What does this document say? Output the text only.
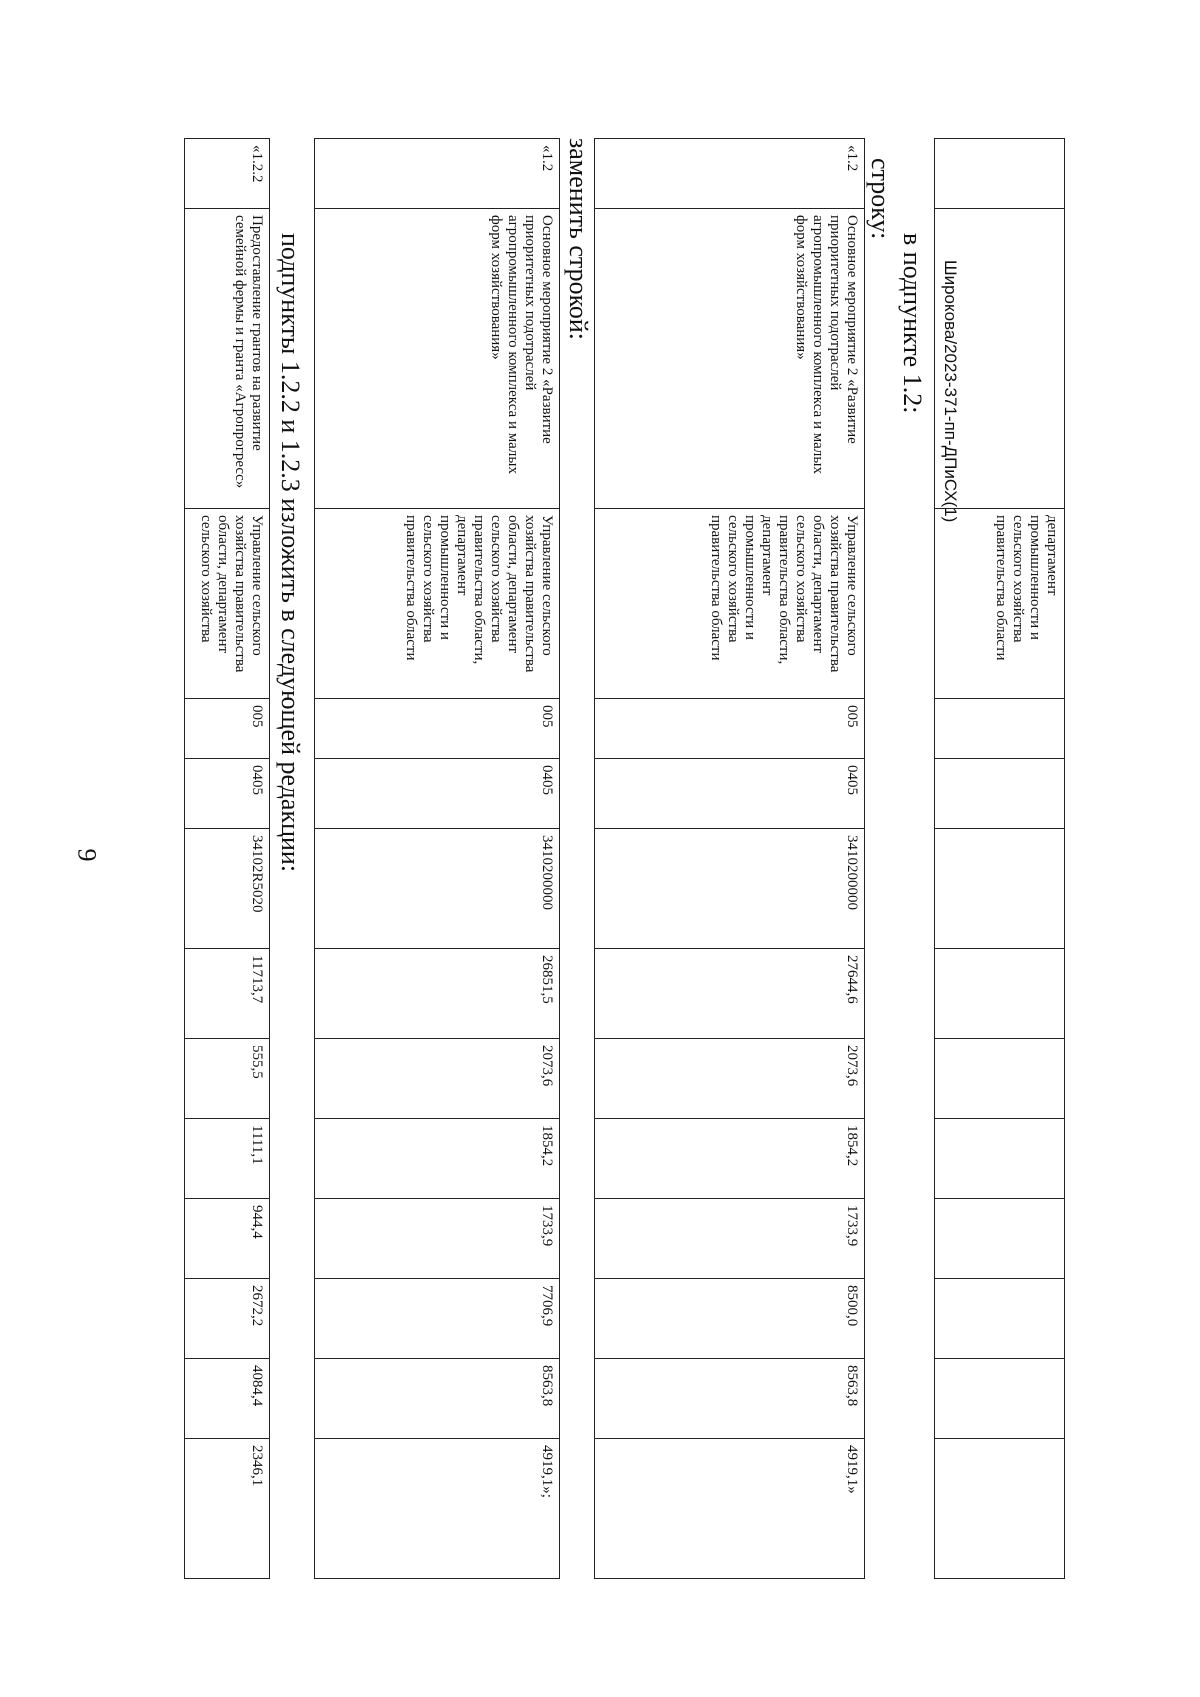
9
Широкова/2023-371-пп-ДПиСХ(1)
		департамент промышленности и сельского хозяйства правительства области										
в подпункте 1.2:
строку:
«1.2	Основное мероприятие 2 «Развитие приоритетных подотраслей агропромышленного комплекса и малых форм хозяйствования»	Управление сельского хозяйства правительства области, департамент сельского хозяйства правительства области, департамент промышленности и сельского хозяйства правительства области	005	0405	3410200000	27644,6	2073,6	1854,2	1733,9	8500,0	8563,8	4919,1»
заменить строкой:
«1.2	Основное мероприятие 2 «Развитие приоритетных подотраслей агропромышленного комплекса и малых форм хозяйствования»	Управление сельского хозяйства правительства области, департамент сельского хозяйства правительства области, департамент промышленности и сельского хозяйства правительства области	005	0405	3410200000	26851,5	2073,6	1854,2	1733,9	7706,9	8563,8	4919,1»;
подпункты 1.2.2 и 1.2.3 изложить в следующей редакции:
«1.2.2	Предоставление грантов на развитие семейной фермы и гранта «Агропрогресс»	Управление сельского хозяйства правительства области, департамент сельского хозяйства	005	0405	34102R5020	11713,7	555,5	1111,1	944,4	2672,2	4084,4	2346,1
